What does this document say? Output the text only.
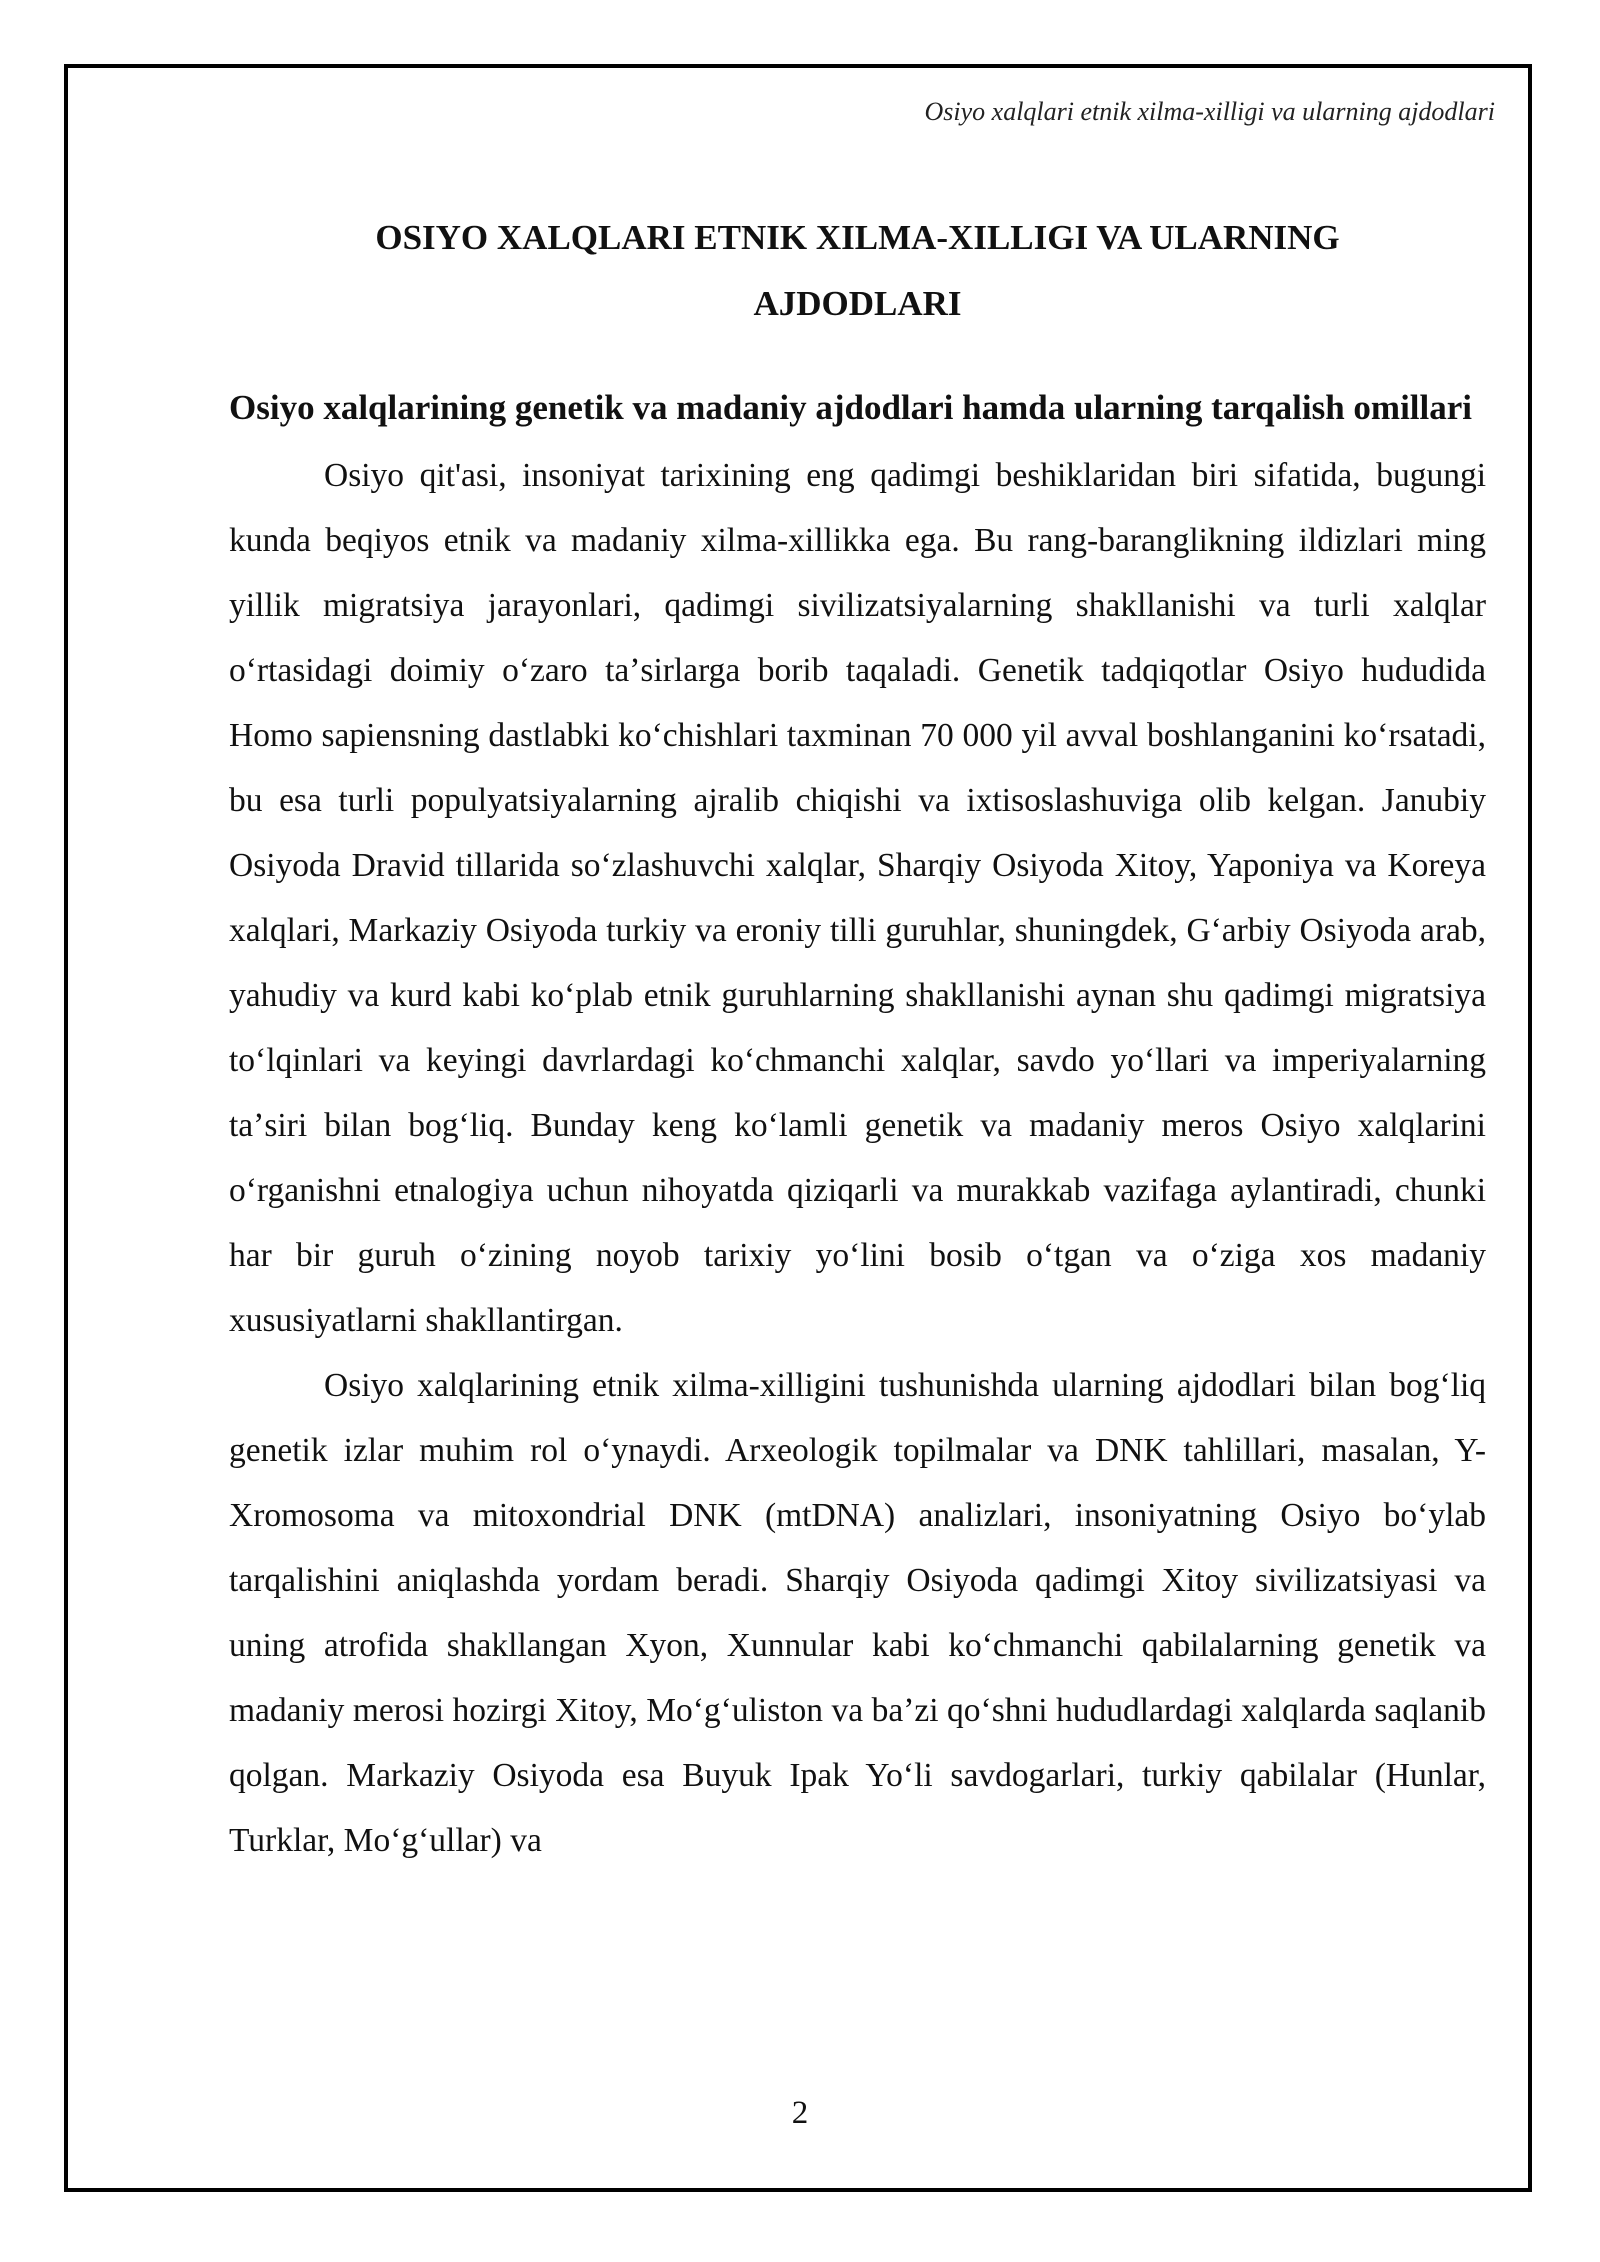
Osiyo xalqlari etnik xilma-xilligi va ularning ajdodlari
OSIYO XALQLARI ETNIK XILMA-XILLIGI VA ULARNING
AJDODLARI
Osiyo xalqlarining genetik va madaniy ajdodlari hamda ularning tarqalish omillari

Osiyo qit'asi, insoniyat tarixining eng qadimgi beshiklaridan biri sifatida, bugungi kunda beqiyos etnik va madaniy xilma-xillikka ega. Bu rang-baranglikning ildizlari ming yillik migratsiya jarayonlari, qadimgi sivilizatsiyalarning shakllanishi va turli xalqlar oʻrtasidagi doimiy oʻzaro taʼsirlarga borib taqaladi. Genetik tadqiqotlar Osiyo hududida Homo sapiensning dastlabki koʻchishlari taxminan 70 000 yil avval boshlanganini koʻrsatadi, bu esa turli populyatsiyalarning ajralib chiqishi va ixtisoslashuviga olib kelgan. Janubiy Osiyoda Dravid tillarida soʻzlashuvchi xalqlar, Sharqiy Osiyoda Xitoy, Yaponiya va Koreya xalqlari, Markaziy Osiyoda turkiy va eroniy tilli guruhlar, shuningdek, Gʻarbiy Osiyoda arab, yahudiy va kurd kabi koʻplab etnik guruhlarning shakllanishi aynan shu qadimgi migratsiya toʻlqinlari va keyingi davrlardagi koʻchmanchi xalqlar, savdo yoʻllari va imperiyalarning taʼsiri bilan bogʻliq. Bunday keng koʻlamli genetik va madaniy meros Osiyo xalqlarini oʻrganishni etnalogiya uchun nihoyatda qiziqarli va murakkab vazifaga aylantiradi, chunki har bir guruh oʻzining noyob tarixiy yoʻlini bosib oʻtgan va oʻziga xos madaniy xususiyatlarni shakllantirgan.

Osiyo xalqlarining etnik xilma-xilligini tushunishda ularning ajdodlari bilan bogʻliq genetik izlar muhim rol oʻynaydi. Arxeologik topilmalar va DNK tahlillari, masalan, Y-Xromosoma va mitoxondrial DNK (mtDNA) analizlari, insoniyatning Osiyo boʻylab tarqalishini aniqlashda yordam beradi. Sharqiy Osiyoda qadimgi Xitoy sivilizatsiyasi va uning atrofida shakllangan Xyon, Xunnular kabi koʻchmanchi qabilalarning genetik va madaniy merosi hozirgi Xitoy, Moʻgʻuliston va baʼzi qoʻshni hududlardagi xalqlarda saqlanib qolgan. Markaziy Osiyoda esa Buyuk Ipak Yoʻli savdogarlari, turkiy qabilalar (Hunlar, Turklar, Moʻgʻullar) va

2
